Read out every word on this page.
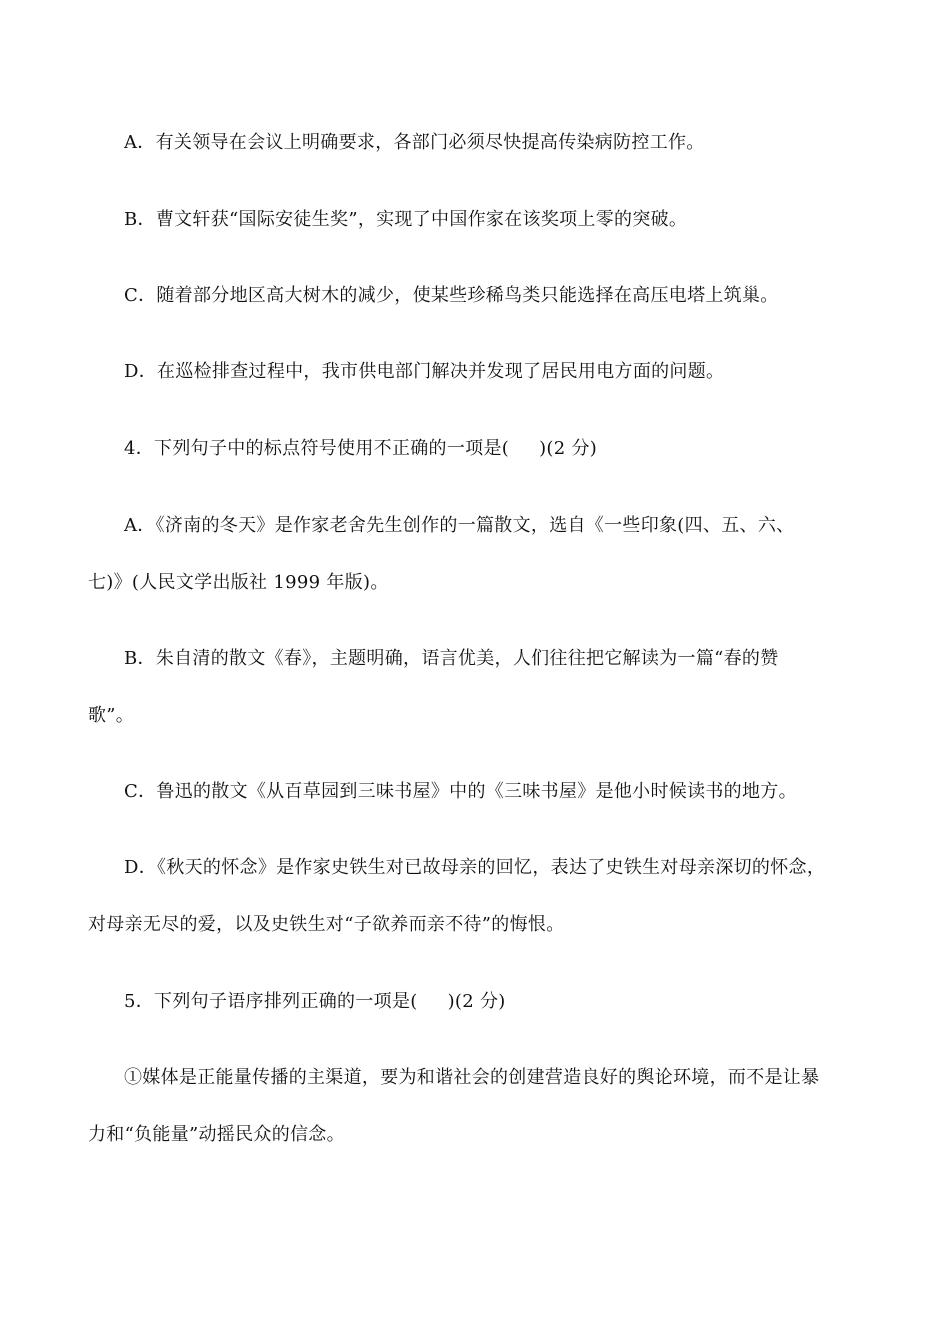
A．有关领导在会议上明确要求，各部门必须尽快提高传染病防控工作。
B．曹文轩获“国际安徒生奖”，实现了中国作家在该奖项上零的突破。
C．随着部分地区高大树木的减少，使某些珍稀鸟类只能选择在高压电塔上筑巢。
D．在巡检排查过程中，我市供电部门解决并发现了居民用电方面的问题。
4．下列句子中的标点符号使用不正确的一项是( )(2 分)
A．《济南的冬天》是作家老舍先生创作的一篇散文，选自《一些印象(四、五、六、
七)》(人民文学出版社 1999 年版)。
B．朱自清的散文《春》，主题明确，语言优美，人们往往把它解读为一篇“春的赞
歌”。
C．鲁迅的散文《从百草园到三味书屋》中的《三味书屋》是他小时候读书的地方。
D．《秋天的怀念》是作家史铁生对已故母亲的回忆，表达了史铁生对母亲深切的怀念，
对母亲无尽的爱，以及史铁生对“子欲养而亲不待”的悔恨。
5．下列句子语序排列正确的一项是( )(2 分)
①媒体是正能量传播的主渠道，要为和谐社会的创建营造良好的舆论环境，而不是让暴
力和“负能量”动摇民众的信念。
